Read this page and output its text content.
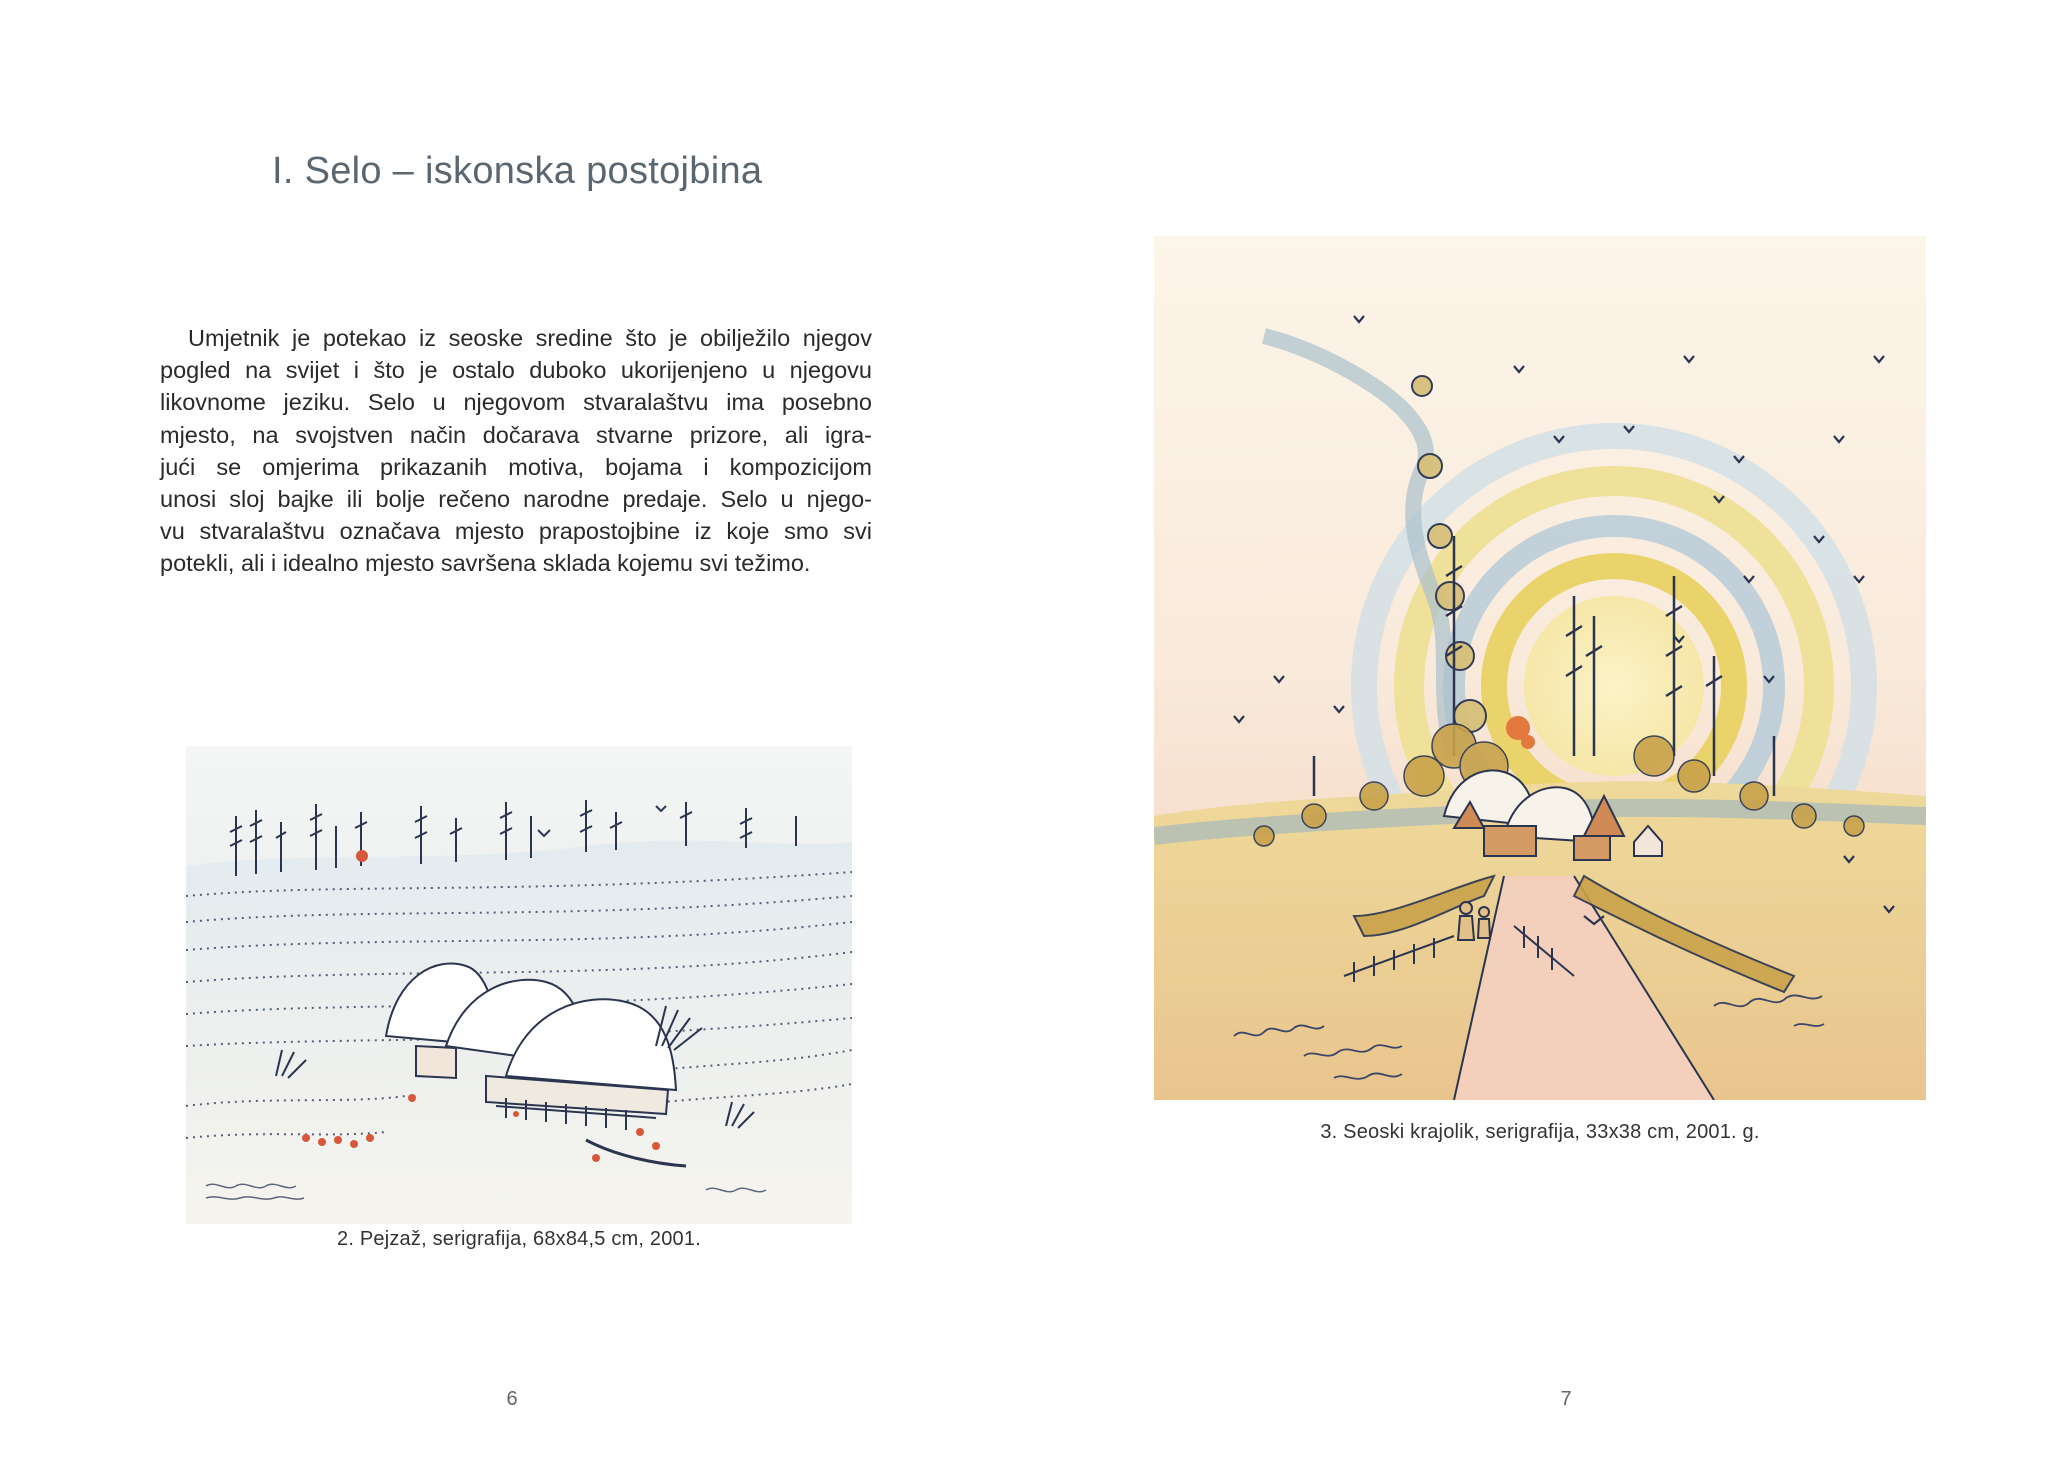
I. Selo – iskonska postojbina

Umjetnik je potekao iz seoske sredine što je obilježilo njegov
pogled na svijet i što je ostalo duboko ukorijenjeno u njegovu
likovnome jeziku. Selo u njegovom stvaralaštvu ima posebno
mjesto, na svojstven način dočarava stvarne prizore, ali igra-
jući se omjerima prikazanih motiva, bojama i kompozicijom
unosi sloj bajke ili bolje rečeno narodne predaje. Selo u njego-
vu stvaralaštvu označava mjesto prapostojbine iz koje smo svi
potekli, ali i idealno mjesto savršena sklada kojemu svi težimo.

2. Pejzaž, serigrafija, 68x84,5 cm, 2001.
6
3. Seoski krajolik, serigrafija, 33x38 cm, 2001. g.
7
